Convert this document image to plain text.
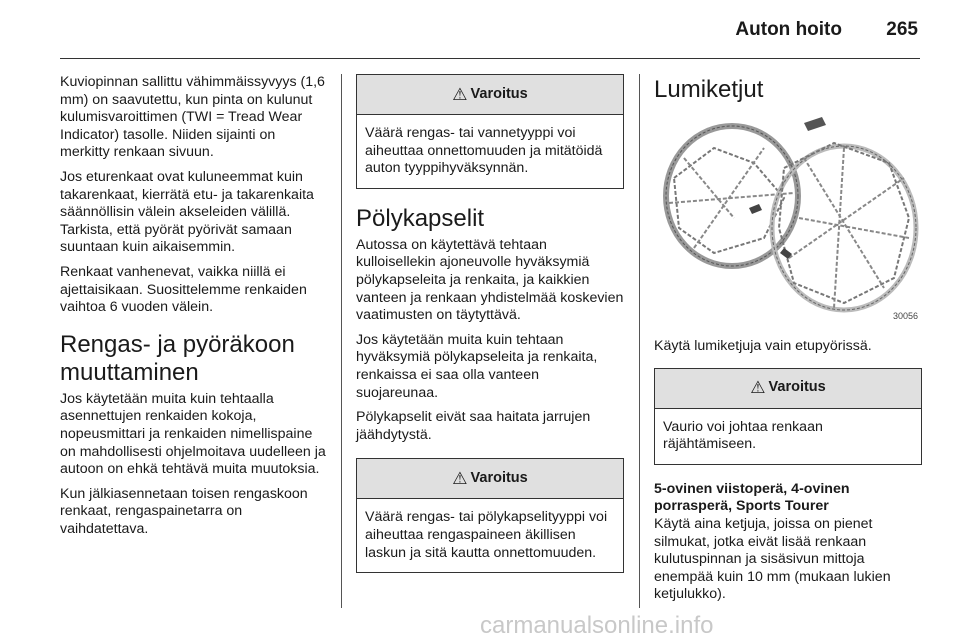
Auton hoito 265

Kuviopinnan sallittu vähimmäissyvyys (1,6 mm) on saavutettu, kun pinta on kulunut kulumisvaroittimen (TWI = Tread Wear Indicator) tasolle. Niiden sijainti on merkitty renkaan sivuun.

Jos eturenkaat ovat kuluneemmat kuin takarenkaat, kierrätä etu- ja takarenkaita säännöllisin välein akseleiden välillä. Tarkista, että pyörät pyörivät samaan suuntaan kuin aikaisemmin.

Renkaat vanhenevat, vaikka niillä ei ajettaisikaan. Suosittelemme renkaiden vaihtoa 6 vuoden välein.

Rengas- ja pyöräkoon muuttaminen

Jos käytetään muita kuin tehtaalla asennettujen renkaiden kokoja, nopeusmittari ja renkaiden nimellispaine on mahdollisesti ohjelmoitava uudelleen ja autoon on ehkä tehtävä muita muutoksia.

Kun jälkiasennetaan toisen rengaskoon renkaat, rengaspainetarra on vaihdatettava.

⚠ Varoitus
Väärä rengas- tai vannetyyppi voi aiheuttaa onnettomuuden ja mitätöidä auton tyyppihyväksynnän.
Pölykapselit

Autossa on käytettävä tehtaan kulloisellekin ajoneuvolle hyväksymiä pölykapseleita ja renkaita, ja kaikkien vanteen ja renkaan yhdistelmää koskevien vaatimusten on täytyttävä.

Jos käytetään muita kuin tehtaan hyväksymiä pölykapseleita ja renkaita, renkaissa ei saa olla vanteen suojareunaa.

Pölykapselit eivät saa haitata jarrujen jäähdytystä.

⚠ Varoitus
Väärä rengas- tai pölykapselityyppi voi aiheuttaa rengaspaineen äkillisen laskun ja sitä kautta onnettomuuden.
Lumiketjut
30056

Käytä lumiketjuja vain etupyörissä.

⚠ Varoitus
Vaurio voi johtaa renkaan räjähtämiseen.
5-ovinen viistoperä, 4-ovinen porrasperä, Sports Tourer

Käytä aina ketjuja, joissa on pienet silmukat, jotka eivät lisää renkaan kulutuspinnan ja sisäsivun mittoja enempää kuin 10 mm (mukaan lukien ketjulukko).

carmanualsonline.info
